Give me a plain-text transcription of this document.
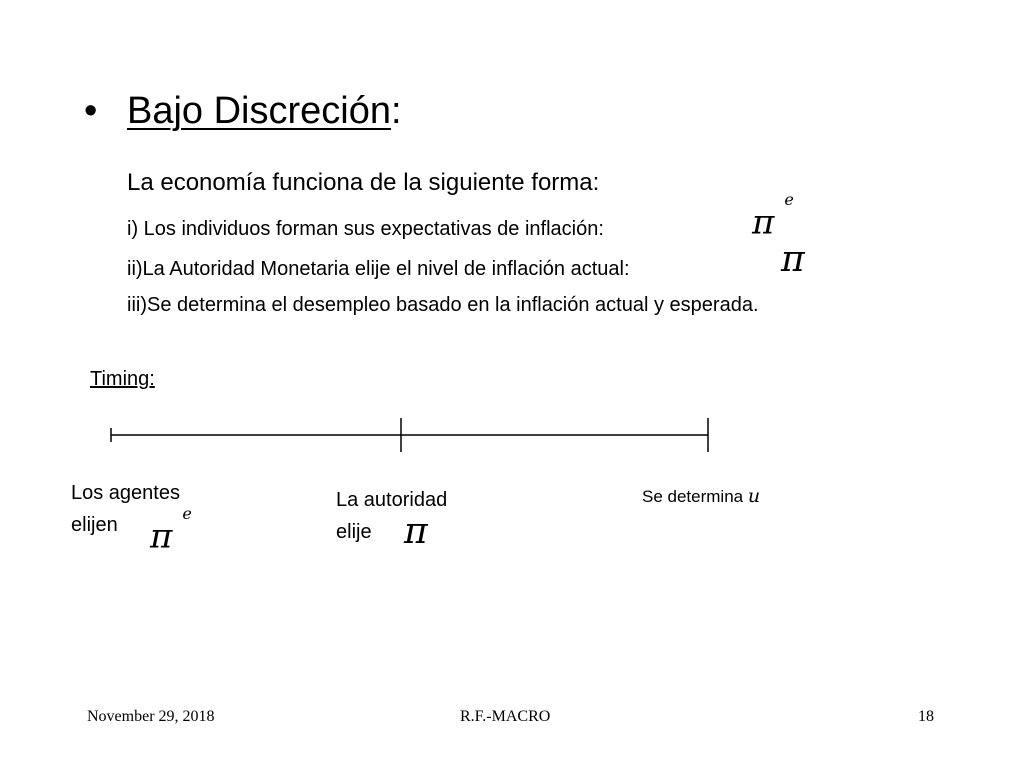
• Bajo Discreción:
La economía funciona de la siguiente forma:
i) Los individuos forman sus expectativas de inflación:	$\pi^e$
ii)La Autoridad Monetaria elije el nivel de inflación actual:	π
iii)Se determina el desempleo basado en la inflación actual y esperada.
Timing:
Los agentes
elijen $\pi^e$
La autoridad
elije π
Se determina u
November 29, 2018	R.F.-MACRO	18
